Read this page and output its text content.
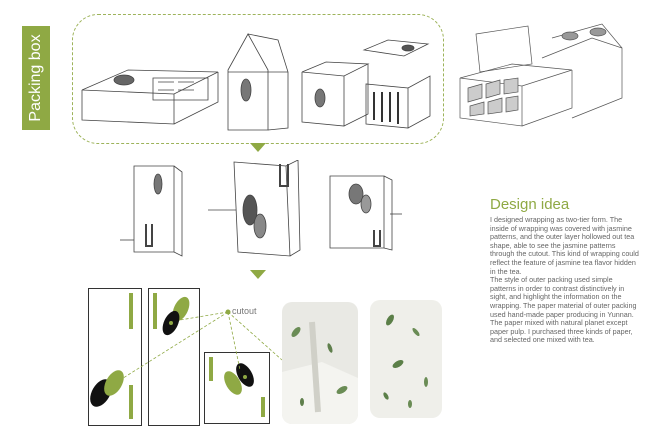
Packing box
cutout
Design idea
I designed wrapping as two-tier form. The inside of wrapping was covered with jasmine patterns, and the outer layer hollowed out tea shape, able to see the jasmine patterns through the cutout. This kind of wrapping could reflect the feature of jasmine tea flavor hidden in the tea.
The style of outer packing used simple patterns in order to contrast distinctively in sight, and highlight the information on the wrapping. The paper material of outer packing used hand-made paper producing in Yunnan. The paper mixed with natural planet except paper pulp. I purchased three kinds of paper, and selected one mixed with tea.
